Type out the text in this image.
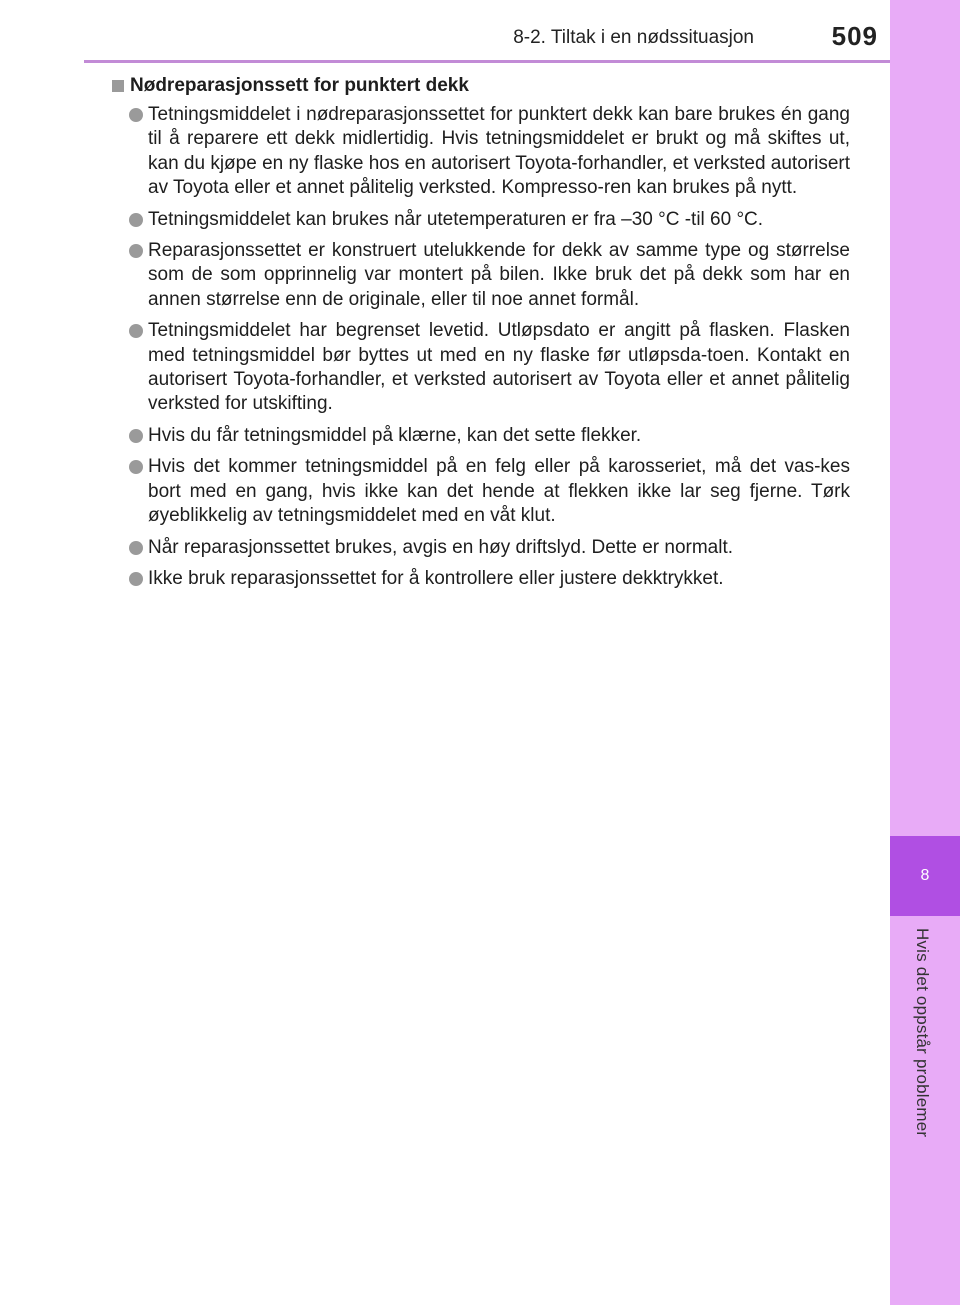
8-2. Tiltak i en nødssituasjon	509
8
Hvis det oppstår problemer
Nødreparasjonssett for punktert dekk
Tetningsmiddelet i nødreparasjonssettet for punktert dekk kan bare brukes én gang til å reparere ett dekk midlertidig. Hvis tetningsmiddelet er brukt og må skiftes ut, kan du kjøpe en ny flaske hos en autorisert Toyota-forhandler, et verksted autorisert av Toyota eller et annet pålitelig verksted. Kompresso-ren kan brukes på nytt.
Tetningsmiddelet kan brukes når utetemperaturen er fra –30 °C -til 60 °C.
Reparasjonssettet er konstruert utelukkende for dekk av samme type og størrelse som de som opprinnelig var montert på bilen. Ikke bruk det på dekk som har en annen størrelse enn de originale, eller til noe annet formål.
Tetningsmiddelet har begrenset levetid. Utløpsdato er angitt på flasken. Flasken med tetningsmiddel bør byttes ut med en ny flaske før utløpsda-toen. Kontakt en autorisert Toyota-forhandler, et verksted autorisert av Toyota eller et annet pålitelig verksted for utskifting.
Hvis du får tetningsmiddel på klærne, kan det sette flekker.
Hvis det kommer tetningsmiddel på en felg eller på karosseriet, må det vas-kes bort med en gang, hvis ikke kan det hende at flekken ikke lar seg fjerne. Tørk øyeblikkelig av tetningsmiddelet med en våt klut.
Når reparasjonssettet brukes, avgis en høy driftslyd. Dette er normalt.
Ikke bruk reparasjonssettet for å kontrollere eller justere dekktrykket.
